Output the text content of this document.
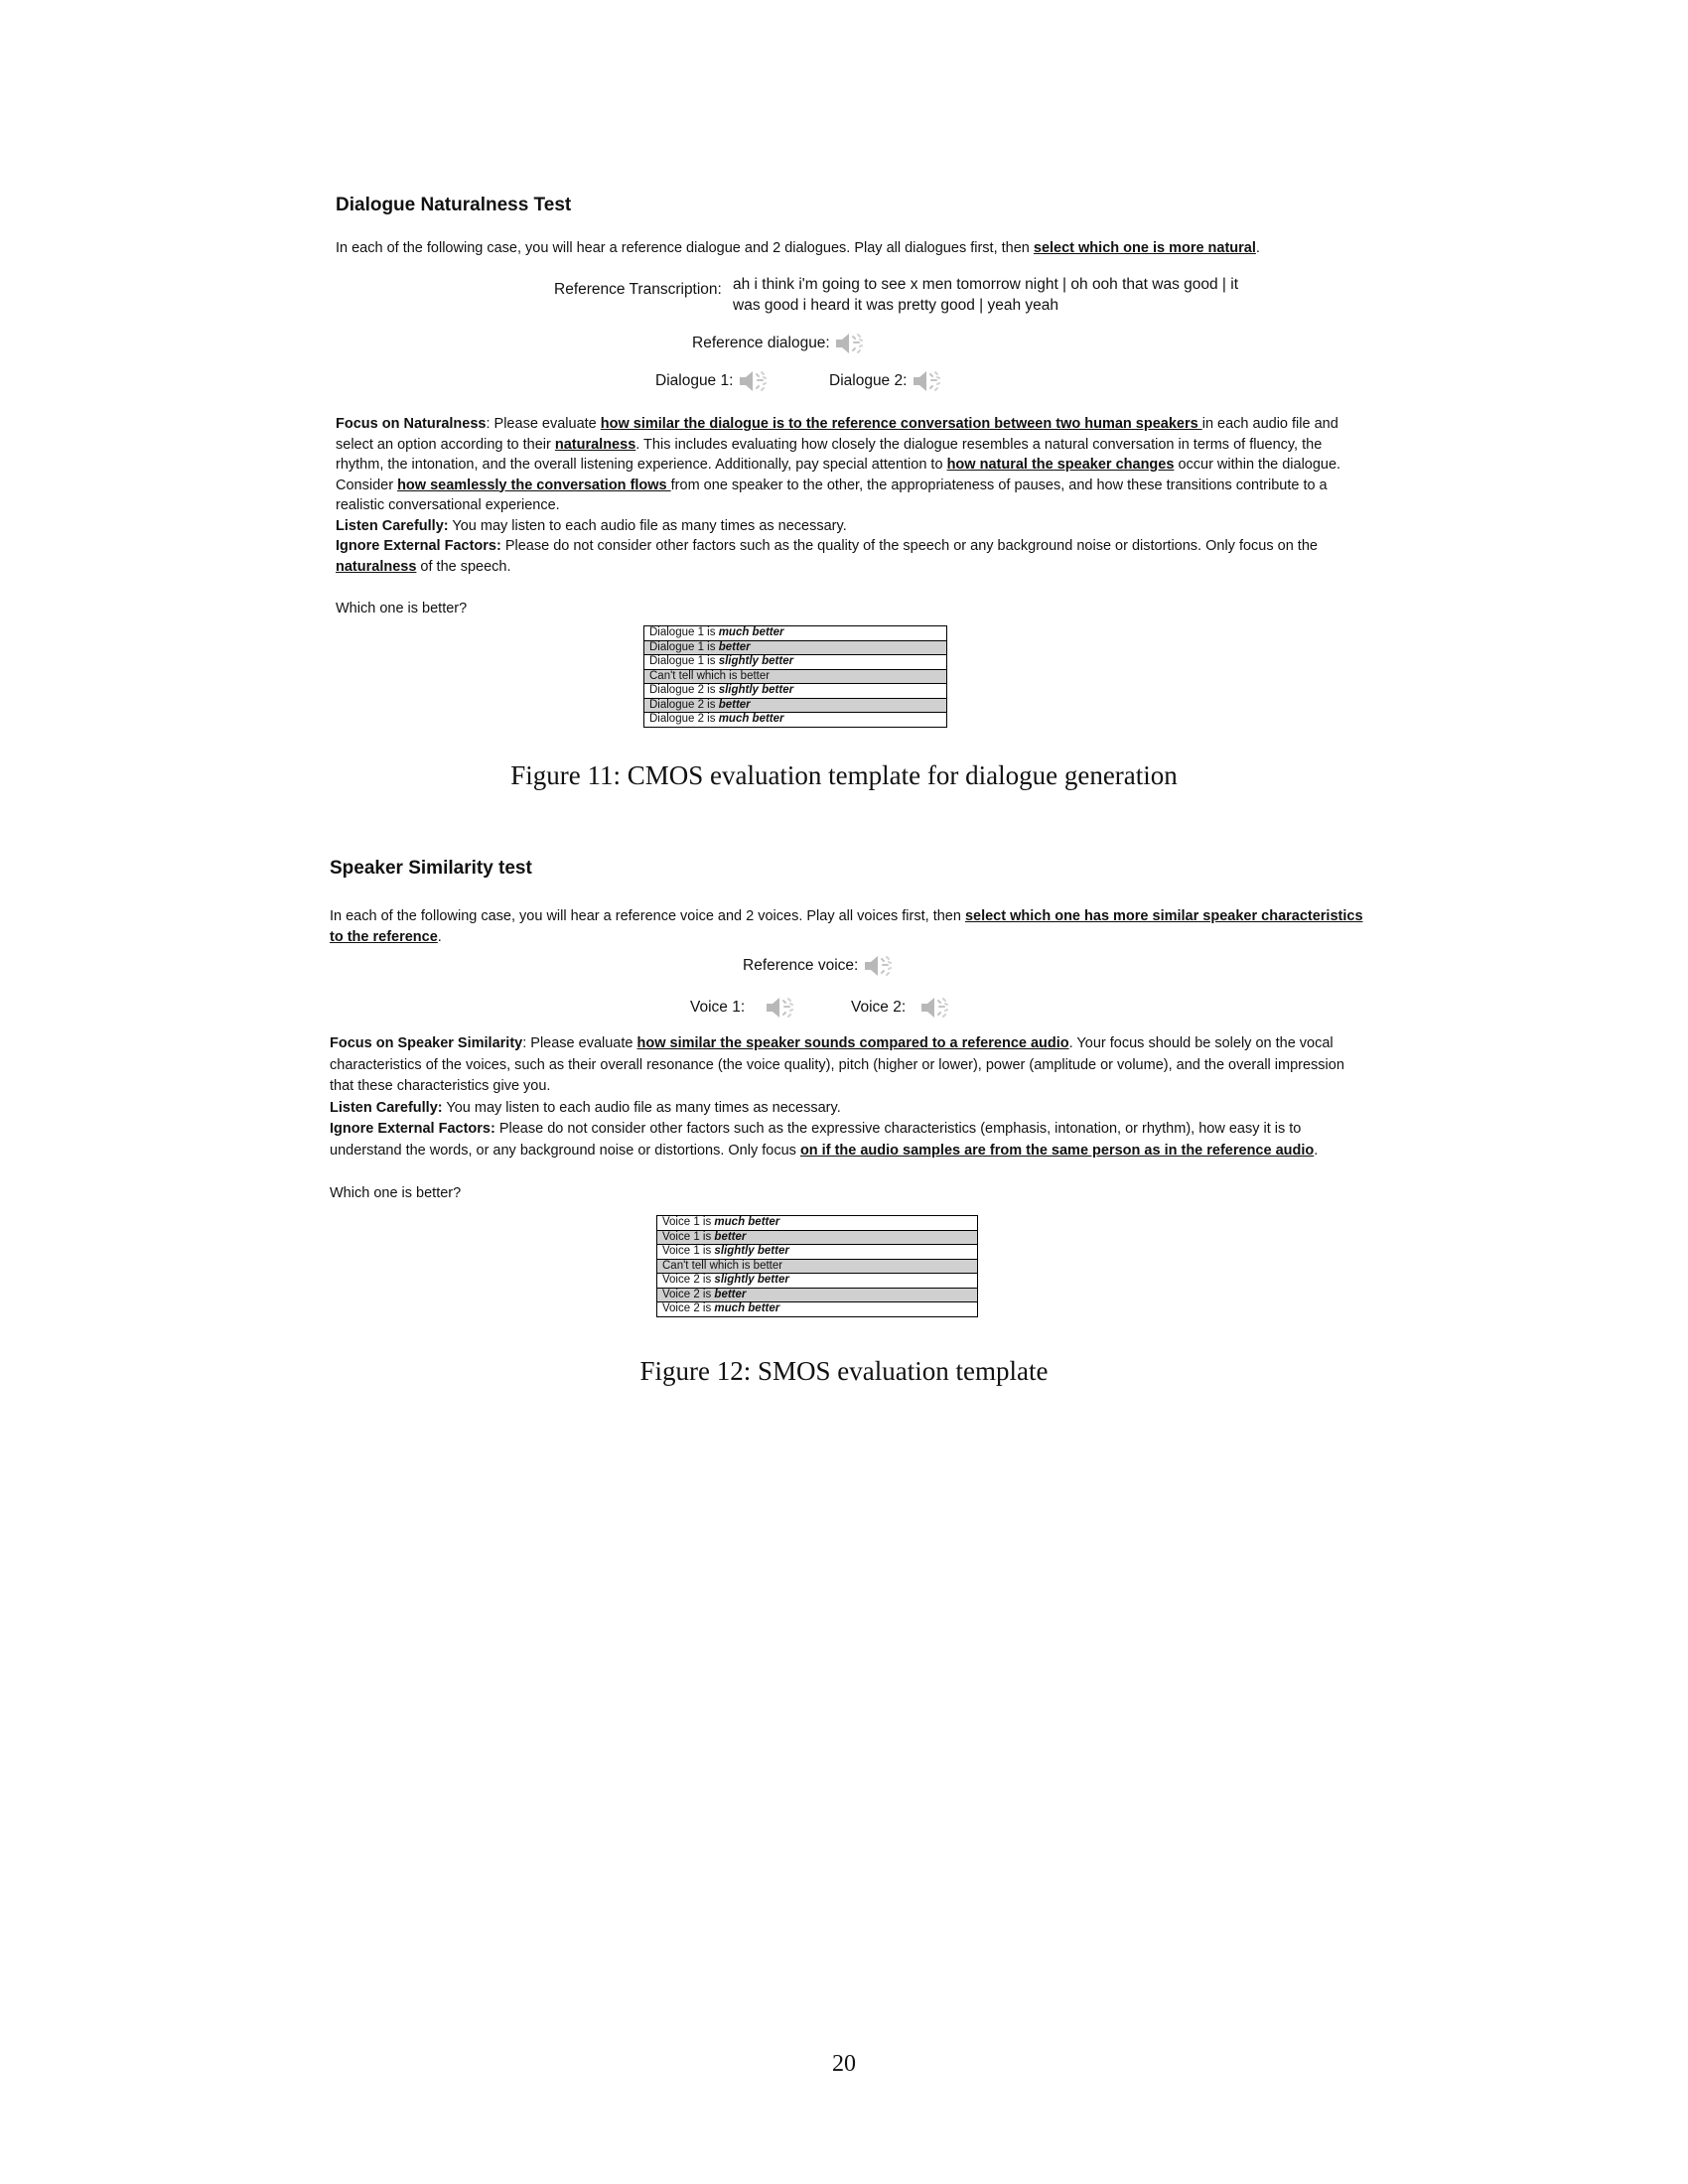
Dialogue Naturalness Test
In each of the following case, you will hear a reference dialogue and 2 dialogues. Play all dialogues first, then select which one is more natural.
Reference Transcription: ah i think i'm going to see x men tomorrow night | oh ooh that was good | it
was good i heard it was pretty good | yeah yeah
Reference dialogue:
Dialogue 1:	Dialogue 2:
Focus on Naturalness: Please evaluate how similar the dialogue is to the reference conversation between two human speakers in each audio file and select an option according to their naturalness. This includes evaluating how closely the dialogue resembles a natural conversation in terms of fluency, the rhythm, the intonation, and the overall listening experience. Additionally, pay special attention to how natural the speaker changes occur within the dialogue. Consider how seamlessly the conversation flows from one speaker to the other, the appropriateness of pauses, and how these transitions contribute to a realistic conversational experience.
Listen Carefully: You may listen to each audio file as many times as necessary.
Ignore External Factors: Please do not consider other factors such as the quality of the speech or any background noise or distortions. Only focus on the naturalness of the speech.
Which one is better?
Dialogue 1 is much better
Dialogue 1 is better
Dialogue 1 is slightly better
Can't tell which is better
Dialogue 2 is slightly better
Dialogue 2 is better
Dialogue 2 is much better
Figure 11: CMOS evaluation template for dialogue generation
Speaker Similarity test
In each of the following case, you will hear a reference voice and 2 voices. Play all voices first, then select which one has more similar speaker characteristics to the reference.
Reference voice:
Voice 1:	Voice 2:
Focus on Speaker Similarity: Please evaluate how similar the speaker sounds compared to a reference audio. Your focus should be solely on the vocal characteristics of the voices, such as their overall resonance (the voice quality), pitch (higher or lower), power (amplitude or volume), and the overall impression that these characteristics give you.
Listen Carefully: You may listen to each audio file as many times as necessary.
Ignore External Factors: Please do not consider other factors such as the expressive characteristics (emphasis, intonation, or rhythm), how easy it is to understand the words, or any background noise or distortions. Only focus on if the audio samples are from the same person as in the reference audio.
Which one is better?
Voice 1 is much better
Voice 1 is better
Voice 1 is slightly better
Can't tell which is better
Voice 2 is slightly better
Voice 2 is better
Voice 2 is much better
Figure 12: SMOS evaluation template
20
